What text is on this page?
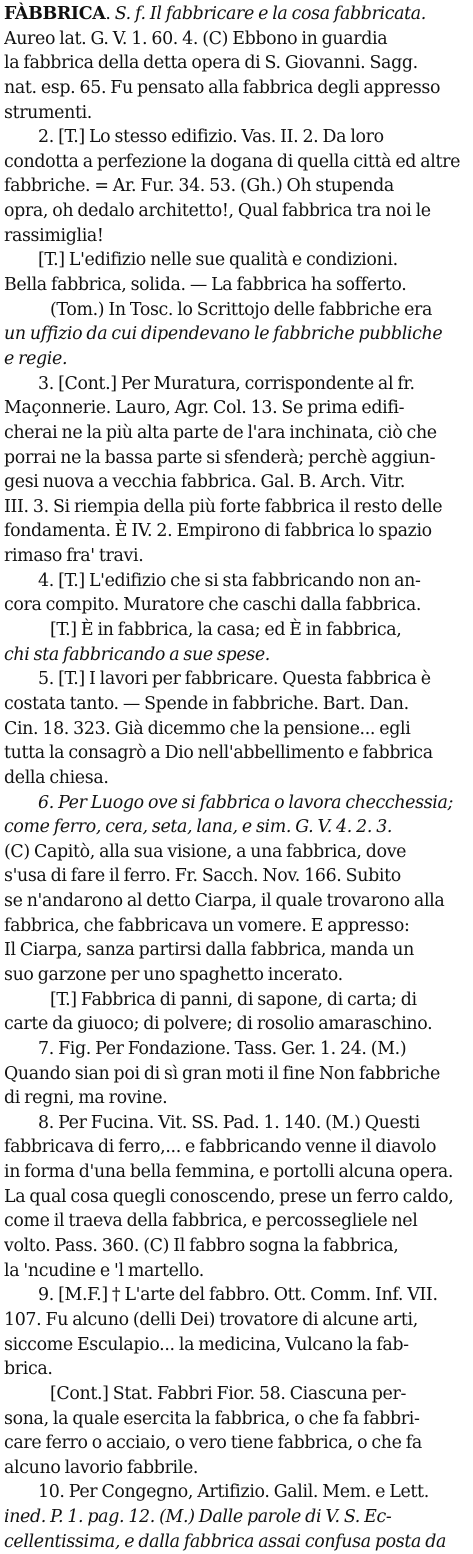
FÀBBRICA. S. f. Il fabbricare e la cosa fabbricata.
Aureo lat. G. V. 1. 60. 4. (C) Ebbono in guardia
la fabbrica della detta opera di S. Giovanni. Sagg.
nat. esp. 65. Fu pensato alla fabbrica degli appresso
strumenti.
2. [T.] Lo stesso edifizio. Vas. II. 2. Da loro
condotta a perfezione la dogana di quella città ed altre
fabbriche. = Ar. Fur. 34. 53. (Gh.) Oh stupenda
opra, oh dedalo architetto!, Qual fabbrica tra noi le
rassimiglia!
[T.] L'edifizio nelle sue qualità e condizioni.
Bella fabbrica, solida. — La fabbrica ha sofferto.
(Tom.) In Tosc. lo Scrittojo delle fabbriche era
un uffizio da cui dipendevano le fabbriche pubbliche
e regie.
3. [Cont.] Per Muratura, corrispondente al fr.
Maçonnerie. Lauro, Agr. Col. 13. Se prima edifi-
cherai ne la più alta parte de l'ara inchinata, ciò che
porrai ne la bassa parte si sfenderà; perchè aggiun-
gesi nuova a vecchia fabbrica. Gal. B. Arch. Vitr.
III. 3. Si riempia della più forte fabbrica il resto delle
fondamenta. È IV. 2. Empirono di fabbrica lo spazio
rimaso fra' travi.
4. [T.] L'edifizio che si sta fabbricando non an-
cora compito. Muratore che caschi dalla fabbrica.
[T.] È in fabbrica, la casa; ed È in fabbrica,
chi sta fabbricando a sue spese.
5. [T.] I lavori per fabbricare. Questa fabbrica è
costata tanto. — Spende in fabbriche. Bart. Dan.
Cin. 18. 323. Già dicemmo che la pensione... egli
tutta la consagrò a Dio nell'abbellimento e fabbrica
della chiesa.
6. Per Luogo ove si fabbrica o lavora checchessia;
come ferro, cera, seta, lana, e sim. G. V. 4. 2. 3.
(C) Capitò, alla sua visione, a una fabbrica, dove
s'usa di fare il ferro. Fr. Sacch. Nov. 166. Subito
se n'andarono al detto Ciarpa, il quale trovarono alla
fabbrica, che fabbricava un vomere. E appresso:
Il Ciarpa, sanza partirsi dalla fabbrica, manda un
suo garzone per uno spaghetto incerato.
[T.] Fabbrica di panni, di sapone, di carta; di
carte da giuoco; di polvere; di rosolio amaraschino.
7. Fig. Per Fondazione. Tass. Ger. 1. 24. (M.)
Quando sian poi di sì gran moti il fine Non fabbriche
di regni, ma rovine.
8. Per Fucina. Vit. SS. Pad. 1. 140. (M.) Questi
fabbricava di ferro,... e fabbricando venne il diavolo
in forma d'una bella femmina, e portolli alcuna opera.
La qual cosa quegli conoscendo, prese un ferro caldo,
come il traeva della fabbrica, e percossegliele nel
volto. Pass. 360. (C) Il fabbro sogna la fabbrica,
la 'ncudine e 'l martello.
9. [M.F.] † L'arte del fabbro. Ott. Comm. Inf. VII.
107. Fu alcuno (delli Dei) trovatore di alcune arti,
siccome Esculapio... la medicina, Vulcano la fab-
brica.
[Cont.] Stat. Fabbri Fior. 58. Ciascuna per-
sona, la quale esercita la fabbrica, o che fa fabbri-
care ferro o acciaio, o vero tiene fabbrica, o che fa
alcuno lavorio fabbrile.
10. Per Congegno, Artifizio. Galil. Mem. e Lett.
ined. P. 1. pag. 12. (M.) Dalle parole di V. S. Ec-
cellentissima, e dalla fabbrica assai confusa posta da
